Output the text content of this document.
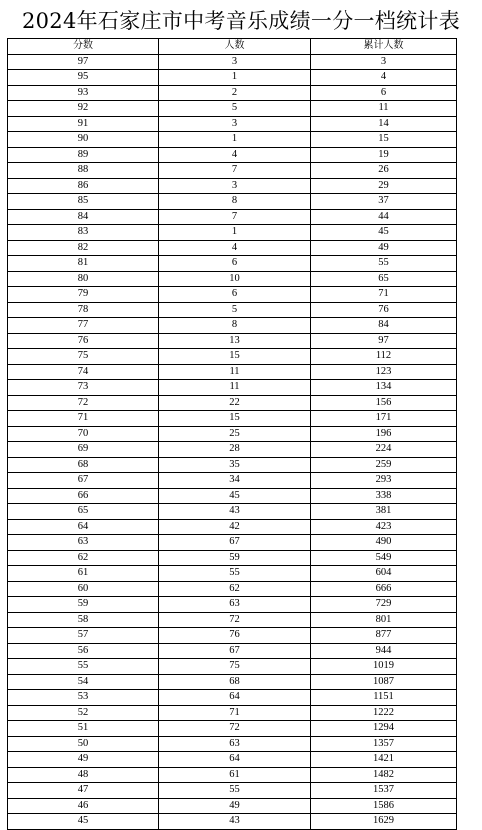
2024年石家庄市中考音乐成绩一分一档统计表
分数	人数	累计人数
97	3	3
95	1	4
93	2	6
92	5	11
91	3	14
90	1	15
89	4	19
88	7	26
86	3	29
85	8	37
84	7	44
83	1	45
82	4	49
81	6	55
80	10	65
79	6	71
78	5	76
77	8	84
76	13	97
75	15	112
74	11	123
73	11	134
72	22	156
71	15	171
70	25	196
69	28	224
68	35	259
67	34	293
66	45	338
65	43	381
64	42	423
63	67	490
62	59	549
61	55	604
60	62	666
59	63	729
58	72	801
57	76	877
56	67	944
55	75	1019
54	68	1087
53	64	1151
52	71	1222
51	72	1294
50	63	1357
49	64	1421
48	61	1482
47	55	1537
46	49	1586
45	43	1629
